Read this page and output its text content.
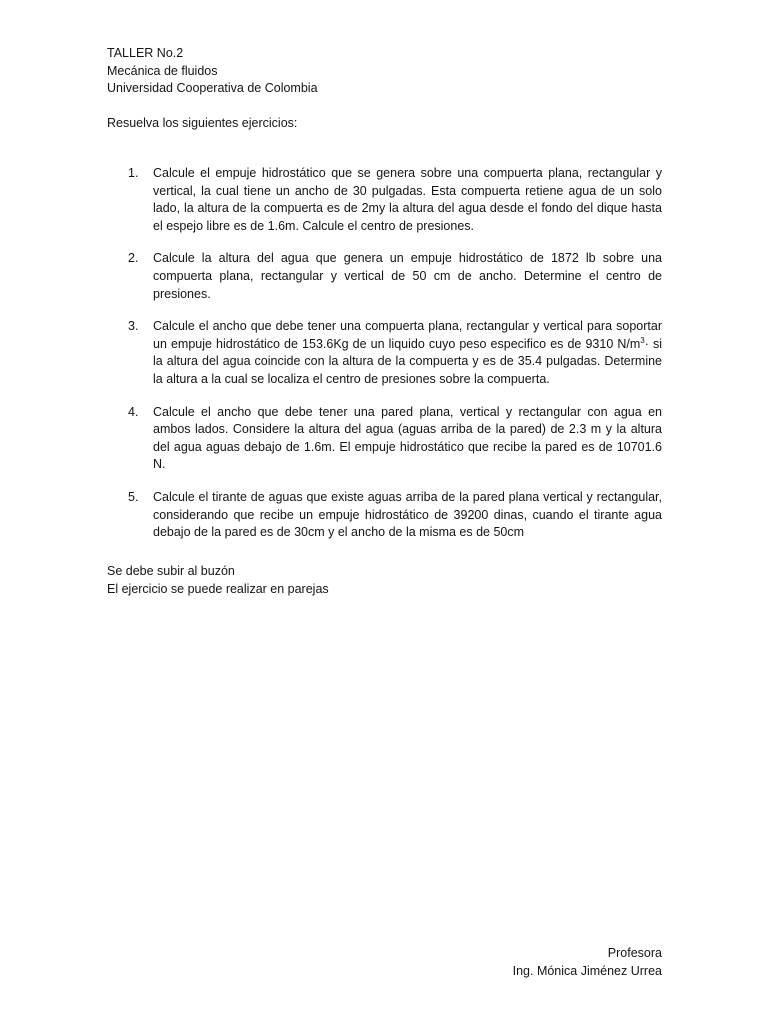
TALLER No.2
Mecánica de fluidos
Universidad Cooperativa de Colombia
Resuelva los siguientes ejercicios:
1. Calcule el empuje hidrostático que se genera sobre una compuerta plana, rectangular y vertical, la cual tiene un ancho de 30 pulgadas. Esta compuerta retiene agua de un solo lado, la altura de la compuerta es de 2my la altura del agua desde el fondo del dique hasta el espejo libre es de 1.6m. Calcule el centro de presiones.
2. Calcule la altura del agua que genera un empuje hidrostático de 1872 lb sobre una compuerta plana, rectangular y vertical de 50 cm de ancho. Determine el centro de presiones.
3. Calcule el ancho que debe tener una compuerta plana, rectangular y vertical para soportar un empuje hidrostático de 153.6Kg de un liquido cuyo peso especifico es de 9310 $N/m^3\cdot$ si la altura del agua coincide con la altura de la compuerta y es de 35.4 pulgadas. Determine la altura a la cual se localiza el centro de presiones sobre la compuerta.
4. Calcule el ancho que debe tener una pared plana, vertical y rectangular con agua en ambos lados. Considere la altura del agua (aguas arriba de la pared) de 2.3 m y la altura del agua aguas debajo de 1.6m. El empuje hidrostático que recibe la pared es de 10701.6 N.
5. Calcule el tirante de aguas que existe aguas arriba de la pared plana vertical y rectangular, considerando que recibe un empuje hidrostático de 39200 dinas, cuando el tirante agua debajo de la pared es de 30cm y el ancho de la misma es de 50cm
Se debe subir al buzón
El ejercicio se puede realizar en parejas
Profesora
Ing. Mónica Jiménez Urrea
